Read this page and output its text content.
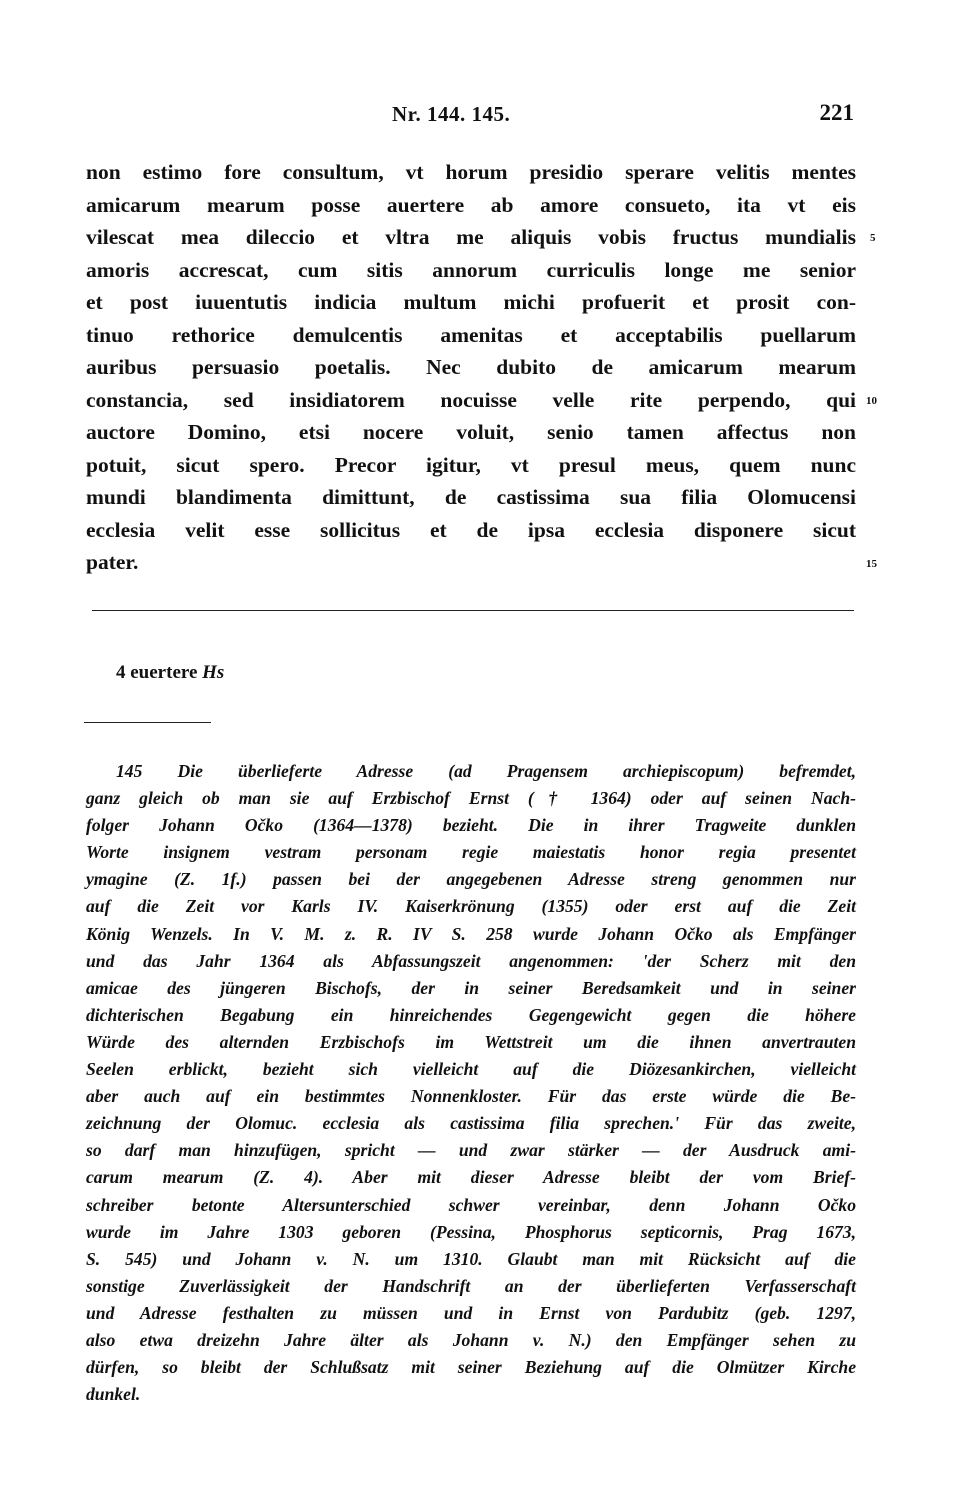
Nr. 144. 145.	221
non estimo fore consultum, vt horum presidio sperare velitis mentes
amicarum mearum posse auertere ab amore consueto, ita vt eis
vilescat mea dileccio et vltra me aliquis vobis fructus mundialis
amoris accrescat, cum sitis annorum curriculis longe me senior
et post iuuentutis indicia multum michi profuerit et prosit con-
tinuo rethorice demulcentis amenitas et acceptabilis puellarum
auribus persuasio poetalis. Nec dubito de amicarum mearum
constancia, sed insidiatorem nocuisse velle rite perpendo, qui
auctore Domino, etsi nocere voluit, senio tamen affectus non
potuit, sicut spero. Precor igitur, vt presul meus, quem nunc
mundi blandimenta dimittunt, de castissima sua filia Olomucensi
ecclesia velit esse sollicitus et de ipsa ecclesia disponere sicut
pater.
5
10
15
4 euertere Hs
145 Die überlieferte Adresse (ad Pragensem archiepiscopum) befremdet,
ganz gleich ob man sie auf Erzbischof Ernst († 1364) oder auf seinen Nach-
folger Johann Očko (1364—1378) bezieht. Die in ihrer Tragweite dunklen
Worte insignem vestram personam regie maiestatis honor regia presentet
ymagine (Z. 1f.) passen bei der angegebenen Adresse streng genommen nur
auf die Zeit vor Karls IV. Kaiserkrönung (1355) oder erst auf die Zeit
König Wenzels. In V. M. z. R. IV S. 258 wurde Johann Očko als Empfänger
und das Jahr 1364 als Abfassungszeit angenommen: 'der Scherz mit den
amicae des jüngeren Bischofs, der in seiner Beredsamkeit und in seiner
dichterischen Begabung ein hinreichendes Gegengewicht gegen die höhere
Würde des alternden Erzbischofs im Wettstreit um die ihnen anvertrauten
Seelen erblickt, bezieht sich vielleicht auf die Diözesankirchen, vielleicht
aber auch auf ein bestimmtes Nonnenkloster. Für das erste würde die Be-
zeichnung der Olomuc. ecclesia als castissima filia sprechen.' Für das zweite,
so darf man hinzufügen, spricht — und zwar stärker — der Ausdruck ami-
carum mearum (Z. 4). Aber mit dieser Adresse bleibt der vom Brief-
schreiber betonte Altersunterschied schwer vereinbar, denn Johann Očko
wurde im Jahre 1303 geboren (Pessina, Phosphorus septicornis, Prag 1673,
S. 545) und Johann v. N. um 1310. Glaubt man mit Rücksicht auf die
sonstige Zuverlässigkeit der Handschrift an der überlieferten Verfasserschaft
und Adresse festhalten zu müssen und in Ernst von Pardubitz (geb. 1297,
also etwa dreizehn Jahre älter als Johann v. N.) den Empfänger sehen zu
dürfen, so bleibt der Schlußsatz mit seiner Beziehung auf die Olmützer Kirche
dunkel.
